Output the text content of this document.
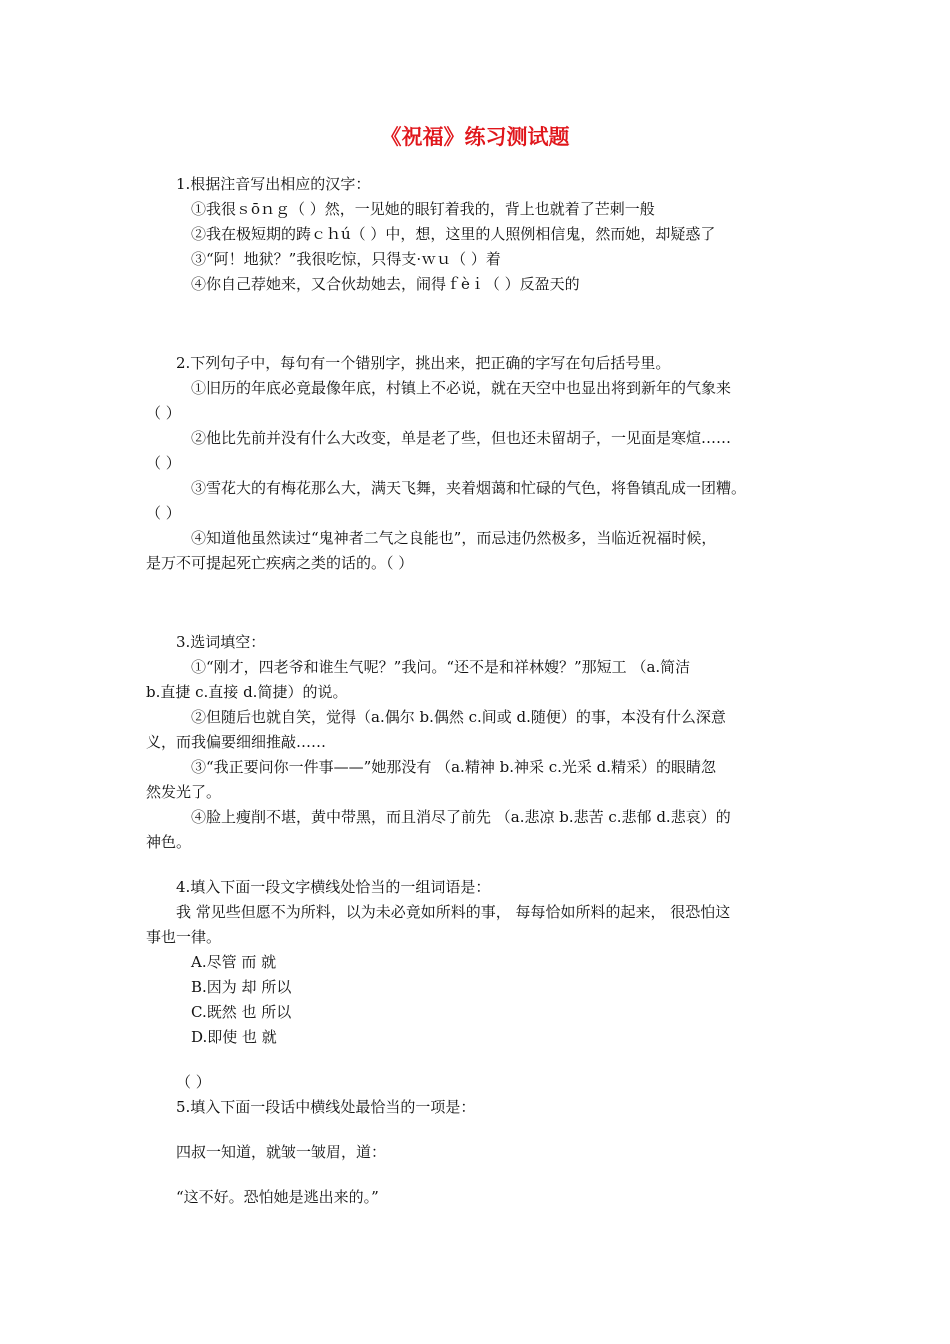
《祝福》练习测试题
1.根据注音写出相应的汉字：
①我很ｓōｎｇ（ ）然，一见她的眼钉着我的，背上也就着了芒刺一般
②我在极短期的踌ｃｈú（ ）中，想，这里的人照例相信鬼，然而她，却疑惑了
③“阿！地狱？”我很吃惊，只得支·ｗｕ（ ）着
④你自己荐她来，又合伙劫她去，闹得ｆèｉ（ ）反盈天的
2.下列句子中，每句有一个错别字，挑出来，把正确的字写在句后括号里。
①旧历的年底必竟最像年底，村镇上不必说，就在天空中也显出将到新年的气象来
（ ）
②他比先前并没有什么大改变，单是老了些，但也还未留胡子，一见面是寒煊……
（ ）
③雪花大的有梅花那么大，满天飞舞，夹着烟蔼和忙碌的气色，将鲁镇乱成一团糟。
（ ）
④知道他虽然读过“鬼神者二气之良能也”，而忌违仍然极多，当临近祝福时候，
是万不可提起死亡疾病之类的话的。（ ）
3.选词填空：
①“刚才，四老爷和谁生气呢？”我问。“还不是和祥林嫂？”那短工 （a.简洁
b.直捷 c.直接 d.简捷）的说。
②但随后也就自笑，觉得（a.偶尔 b.偶然 c.间或 d.随便）的事，本没有什么深意
义，而我偏要细细推敲……
③“我正要问你一件事——”她那没有 （a.精神 b.神采 c.光采 d.精采）的眼睛忽
然发光了。
④脸上瘦削不堪，黄中带黑，而且消尽了前先 （a.悲凉 b.悲苦 c.悲郁 d.悲哀）的
神色。
4.填入下面一段文字横线处恰当的一组词语是：
我 常见些但愿不为所料，以为未必竟如所料的事， 每每恰如所料的起来， 很恐怕这
事也一律。
A.尽管 而 就
B.因为 却 所以
C.既然 也 所以
D.即使 也 就
（ ）
5.填入下面一段话中横线处最恰当的一项是：
四叔一知道，就皱一皱眉，道：
“这不好。恐怕她是逃出来的。”
